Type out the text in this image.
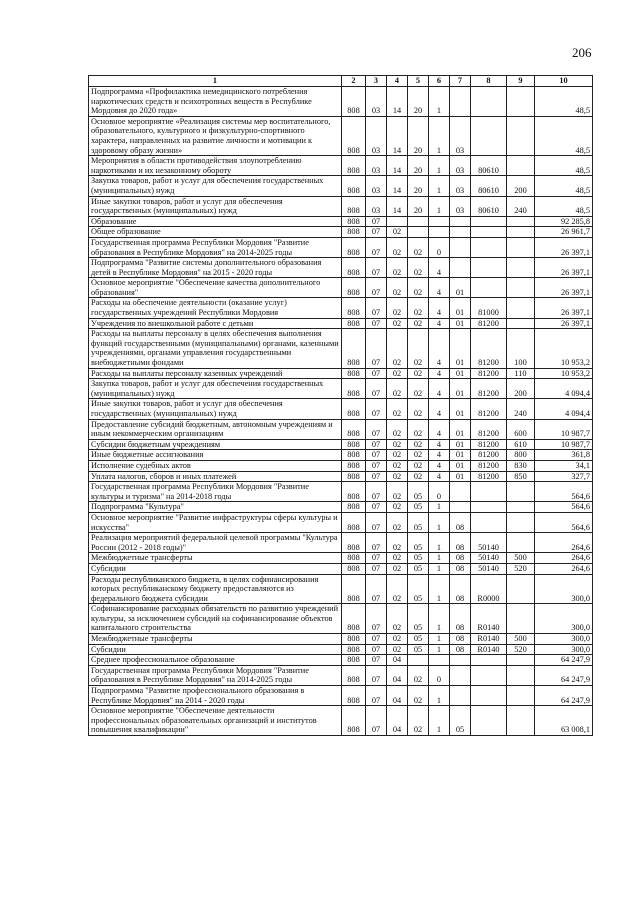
206
1	2	3	4	5	6	7	8	9	10
Подпрограмма «Профилактика немедицинского потребления наркотических средств и психотропных веществ в Республике Мордовия до 2020 года»	808	03	14	20	1				48,5
Основное мероприятие «Реализация системы мер воспитательного, образовательного, культурного и физкультурно-спортивного характера, направленных на развитие личности и мотивации к здоровому образу жизни»	808	03	14	20	1	03			48,5
Мероприятия в области противодействия злоупотреблению наркотиками и их незаконному обороту	808	03	14	20	1	03	80610		48,5
Закупка товаров, работ и услуг для обеспечения государственных (муниципальных) нужд	808	03	14	20	1	03	80610	200	48,5
Иные закупки товаров, работ и услуг для обеспечения государственных (муниципальных) нужд	808	03	14	20	1	03	80610	240	48,5
Образование	808	07							92 285,8
Общее образование	808	07	02						26 961,7
Государственная программа Республики Мордовия "Развитие образования в Республике Мордовия" на 2014-2025 годы	808	07	02	02	0				26 397,1
Подпрограмма "Развитие системы дополнительного образования детей в Республике Мордовия" на 2015 - 2020 годы	808	07	02	02	4				26 397,1
Основное мероприятие "Обеспечение качества дополнительного образования"	808	07	02	02	4	01			26 397,1
Расходы на обеспечение деятельности (оказание услуг) государственных учреждений Республики Мордовия	808	07	02	02	4	01	81000		26 397,1
Учреждения по внешкольной работе с детьми	808	07	02	02	4	01	81200		26 397,1
Расходы на выплаты персоналу в целях обеспечения выполнения функций государственными (муниципальными) органами, казенными учреждениями, органами управления государственными внебюджетными фондами	808	07	02	02	4	01	81200	100	10 953,2
Расходы на выплаты персоналу казенных учреждений	808	07	02	02	4	01	81200	110	10 953,2
Закупка товаров, работ и услуг для обеспечения государственных (муниципальных) нужд	808	07	02	02	4	01	81200	200	4 094,4
Иные закупки товаров, работ и услуг для обеспечения государственных (муниципальных) нужд	808	07	02	02	4	01	81200	240	4 094,4
Предоставление субсидий бюджетным, автономным учреждениям и иным некоммерческим организациям	808	07	02	02	4	01	81200	600	10 987,7
Субсидии бюджетным учреждениям	808	07	02	02	4	01	81200	610	10 987,7
Иные бюджетные ассигнования	808	07	02	02	4	01	81200	800	361,8
Исполнение судебных актов	808	07	02	02	4	01	81200	830	34,1
Уплата налогов, сборов и иных платежей	808	07	02	02	4	01	81200	850	327,7
Государственная программа Республики Мордовия "Развитие культуры и туризма" на 2014-2018 годы	808	07	02	05	0				564,6
Подпрограмма "Культура"	808	07	02	05	1				564,6
Основное мероприятие "Развитие инфраструктуры сферы культуры и искусства"	808	07	02	05	1	08			564,6
Реализация мероприятий федеральной целевой программы "Культура России (2012 - 2018 годы)"	808	07	02	05	1	08	50140		264,6
Межбюджетные трансферты	808	07	02	05	1	08	50140	500	264,6
Субсидии	808	07	02	05	1	08	50140	520	264,6
Расходы республиканского бюджета, в целях софинансирования которых республиканскому бюджету предоставляются из федерального бюджета субсидии	808	07	02	05	1	08	R0000		300,0
Софинансирование расходных обязательств по развитию учреждений культуры, за исключением субсидий на софинансирование объектов капитального строительства	808	07	02	05	1	08	R0140		300,0
Межбюджетные трансферты	808	07	02	05	1	08	R0140	500	300,0
Субсидии	808	07	02	05	1	08	R0140	520	300,0
Среднее профессиональное образование	808	07	04						64 247,9
Государственная программа Республики Мордовия "Развитие образования в Республике Мордовия" на 2014-2025 годы	808	07	04	02	0				64 247,9
Подпрограмма "Развитие профессионального образования в Республике Мордовия" на 2014 - 2020 годы	808	07	04	02	1				64 247,9
Основное мероприятие "Обеспечение деятельности профессиональных образовательных организаций и институтов повышения квалификации"	808	07	04	02	1	05			63 008,1
